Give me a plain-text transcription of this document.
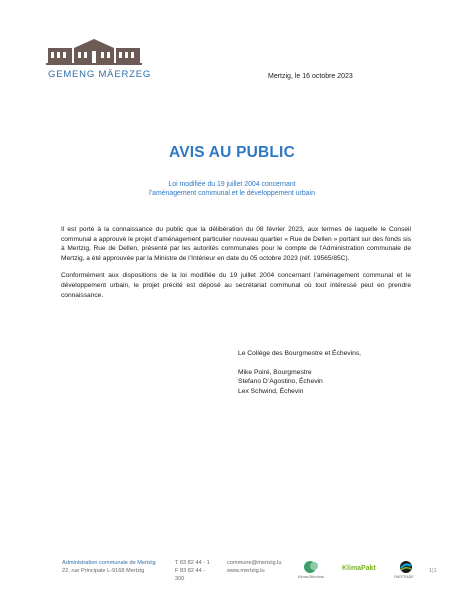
GEMENG MÄERZEG	Mertzig, le 16 octobre 2023
AVIS AU PUBLIC
Loi modifiée du 19 juillet 2004 concernant
l’aménagement communal et le développement urbain

Il est porté à la connaissance du public que la délibération du 08 février 2023, aux termes de laquelle le Conseil communal a approuvé le projet d’aménagement particulier nouveau quartier « Rue de Dellen » portant sur des fonds sis à Mertzig, Rue de Dellen, présenté par les autorités communales pour le compte de l’Administration communale de Mertzig, a été approuvée par la Ministre de l’Intérieur en date du 05 octobre 2023 (réf. 19565/85C).

Conformément aux dispositions de la loi modifiée du 19 juillet 2004 concernant l’aménagement communal et le développement urbain, le projet précité est déposé au secrétariat communal où tout intéressé peut en prendre connaissance.

Le Collège des Bourgmestre et Échevins,
Mike Poiré, Bourgmestre
Stefano D’Agostino, Échevin
Lex Schwind, Échevin
Administration communale de Mertzig
22, rue Principale L-9168 Mertzig
T 83 82 44 - 1
F 83 82 44 -
300
commune@mertzig.lu
www.mertzig.lu
Klima-Bündnis
KlimaPakt
FAIRTRADE
1|1
